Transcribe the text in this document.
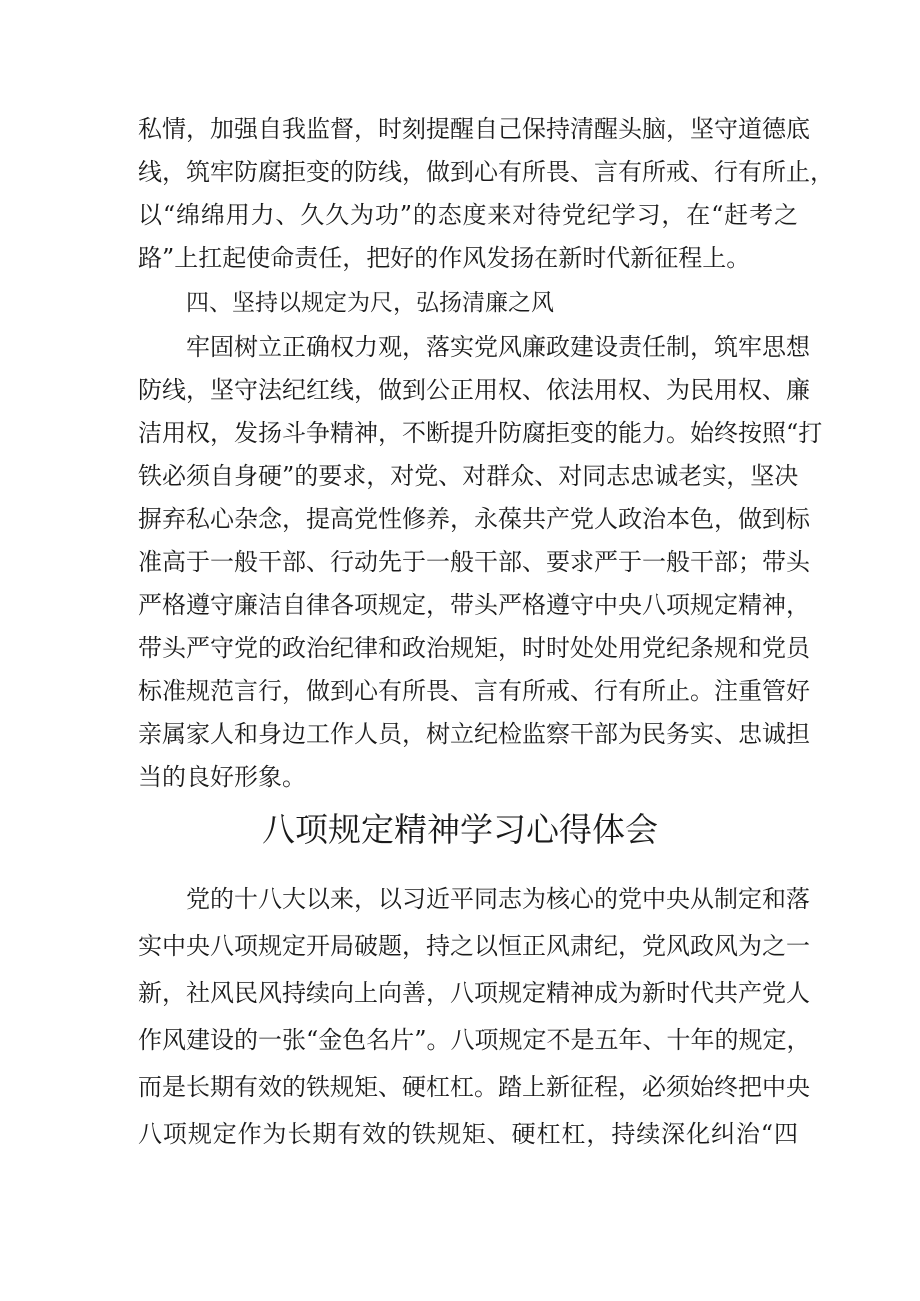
私情，加强自我监督，时刻提醒自己保持清醒头脑，坚守道德底
线，筑牢防腐拒变的防线，做到心有所畏、言有所戒、行有所止，
以“绵绵用力、久久为功”的态度来对待党纪学习，在“赶考之
路”上扛起使命责任，把好的作风发扬在新时代新征程上。
四、坚持以规定为尺，弘扬清廉之风
牢固树立正确权力观，落实党风廉政建设责任制，筑牢思想
防线，坚守法纪红线，做到公正用权、依法用权、为民用权、廉
洁用权，发扬斗争精神，不断提升防腐拒变的能力。始终按照“打
铁必须自身硬”的要求，对党、对群众、对同志忠诚老实，坚决
摒弃私心杂念，提高党性修养，永葆共产党人政治本色，做到标
准高于一般干部、行动先于一般干部、要求严于一般干部；带头
严格遵守廉洁自律各项规定，带头严格遵守中央八项规定精神，
带头严守党的政治纪律和政治规矩，时时处处用党纪条规和党员
标准规范言行，做到心有所畏、言有所戒、行有所止。注重管好
亲属家人和身边工作人员，树立纪检监察干部为民务实、忠诚担
当的良好形象。
八项规定精神学习心得体会
党的十八大以来，以习近平同志为核心的党中央从制定和落
实中央八项规定开局破题，持之以恒正风肃纪，党风政风为之一
新，社风民风持续向上向善，八项规定精神成为新时代共产党人
作风建设的一张“金色名片”。八项规定不是五年、十年的规定，
而是长期有效的铁规矩、硬杠杠。踏上新征程，必须始终把中央
八项规定作为长期有效的铁规矩、硬杠杠，持续深化纠治“四
